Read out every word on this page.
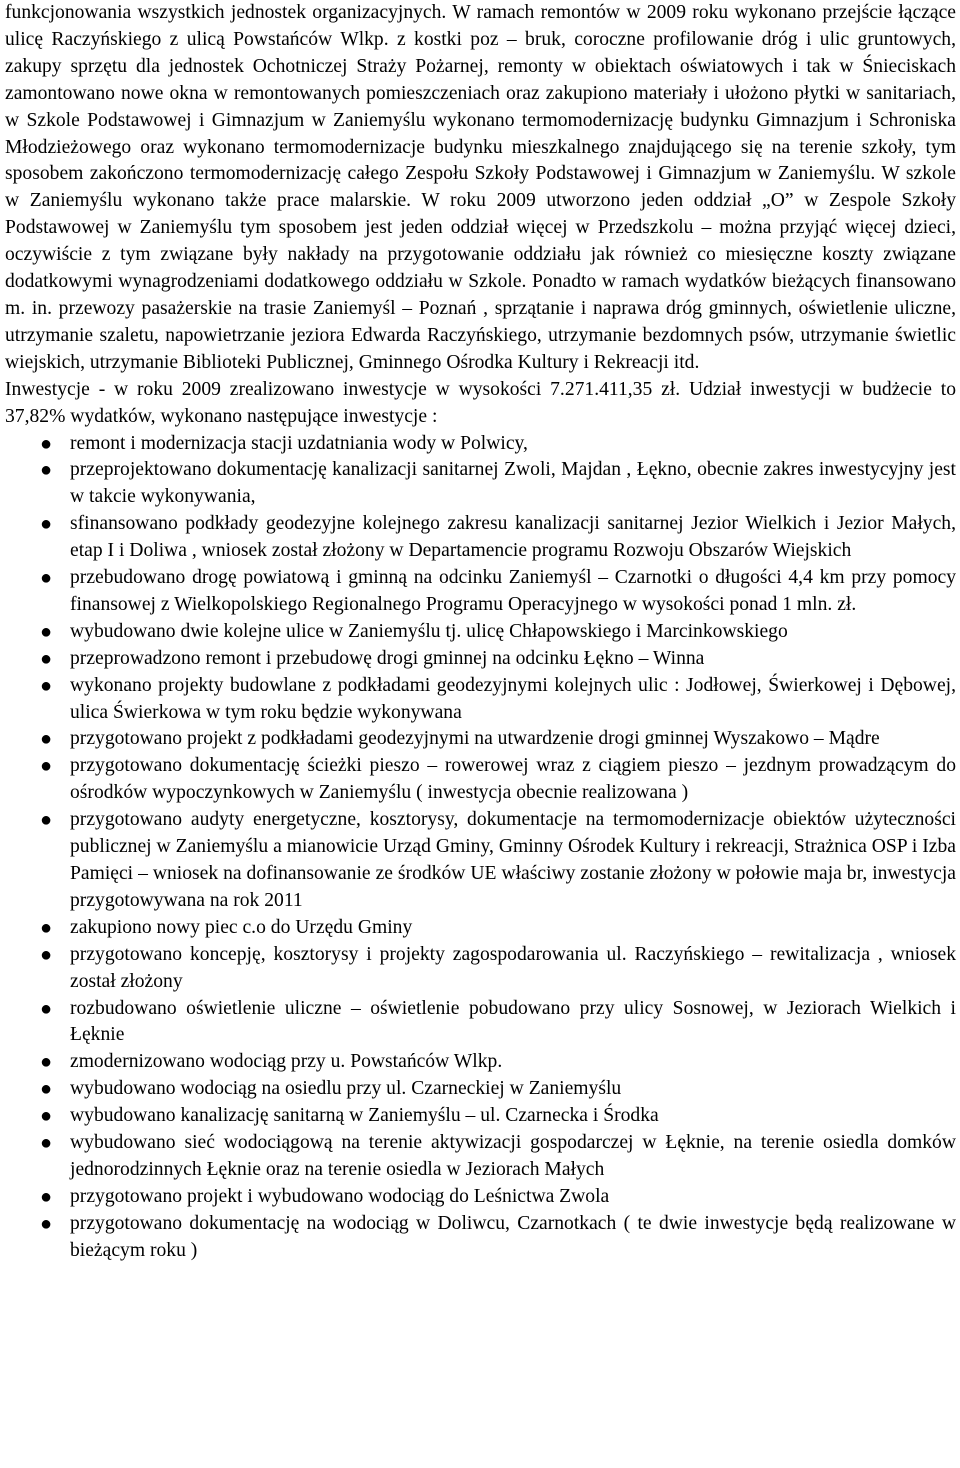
funkcjonowania wszystkich jednostek organizacyjnych. W ramach remontów w 2009 roku wykonano przejście łączące ulicę Raczyńskiego z ulicą Powstańców Wlkp. z kostki poz – bruk, coroczne profilowanie dróg i ulic gruntowych, zakupy sprzętu dla jednostek Ochotniczej Straży Pożarnej, remonty w obiektach oświatowych i tak w Śnieciskach zamontowano nowe okna w remontowanych pomieszczeniach oraz zakupiono materiały i ułożono płytki w sanitariach, w Szkole Podstawowej i Gimnazjum w Zaniemyślu wykonano termomodernizację budynku Gimnazjum i Schroniska Młodzieżowego oraz wykonano termomodernizacje budynku mieszkalnego znajdującego się na terenie szkoły, tym sposobem zakończono termomodernizację całego Zespołu Szkoły Podstawowej i Gimnazjum w Zaniemyślu. W szkole w Zaniemyślu wykonano także prace malarskie. W roku 2009 utworzono jeden oddział „O” w Zespole Szkoły Podstawowej w Zaniemyślu tym sposobem jest jeden oddział więcej w Przedszkolu – można przyjąć więcej dzieci, oczywiście z tym związane były nakłady na przygotowanie oddziału jak również co miesięczne koszty związane dodatkowymi wynagrodzeniami dodatkowego oddziału w Szkole. Ponadto w ramach wydatków bieżących finansowano m. in. przewozy pasażerskie na trasie Zaniemyśl – Poznań , sprzątanie i naprawa dróg gminnych, oświetlenie uliczne, utrzymanie szaletu, napowietrzanie jeziora Edwarda Raczyńskiego, utrzymanie bezdomnych psów, utrzymanie świetlic wiejskich, utrzymanie Biblioteki Publicznej, Gminnego Ośrodka Kultury i Rekreacji itd.

Inwestycje - w roku 2009 zrealizowano inwestycje w wysokości 7.271.411,35 zł. Udział inwestycji w budżecie to 37,82% wydatków, wykonano następujące inwestycje :

● remont i modernizacja stacji uzdatniania wody w Polwicy,
● przeprojektowano dokumentację kanalizacji sanitarnej Zwoli, Majdan , Łękno, obecnie zakres inwestycyjny jest w takcie wykonywania,
● sfinansowano podkłady geodezyjne kolejnego zakresu kanalizacji sanitarnej Jezior Wielkich i Jezior Małych, etap I i Doliwa , wniosek został złożony w Departamencie programu Rozwoju Obszarów Wiejskich
● przebudowano drogę powiatową i gminną na odcinku Zaniemyśl – Czarnotki o długości 4,4 km przy pomocy finansowej z Wielkopolskiego Regionalnego Programu Operacyjnego w wysokości ponad 1 mln. zł.
● wybudowano dwie kolejne ulice w Zaniemyślu tj. ulicę Chłapowskiego i Marcinkowskiego
● przeprowadzono remont i przebudowę drogi gminnej na odcinku Łękno – Winna
● wykonano projekty budowlane z podkładami geodezyjnymi kolejnych ulic : Jodłowej, Świerkowej i Dębowej, ulica Świerkowa w tym roku będzie wykonywana
● przygotowano projekt z podkładami geodezyjnymi na utwardzenie drogi gminnej Wyszakowo – Mądre
● przygotowano dokumentację ścieżki pieszo – rowerowej wraz z ciągiem pieszo – jezdnym prowadzącym do ośrodków wypoczynkowych w Zaniemyślu ( inwestycja obecnie realizowana )
● przygotowano audyty energetyczne, kosztorysy, dokumentacje na termomodernizacje obiektów użyteczności publicznej w Zaniemyślu a mianowicie Urząd Gminy, Gminny Ośrodek Kultury i rekreacji, Strażnica OSP i Izba Pamięci – wniosek na dofinansowanie ze środków UE właściwy zostanie złożony w połowie maja br, inwestycja przygotowywana na rok 2011
● zakupiono nowy piec c.o do Urzędu Gminy
● przygotowano koncepję, kosztorysy i projekty zagospodarowania ul. Raczyńskiego – rewitalizacja , wniosek został złożony
● rozbudowano oświetlenie uliczne – oświetlenie pobudowano przy ulicy Sosnowej, w Jeziorach Wielkich i Łęknie
● zmodernizowano wodociąg przy u. Powstańców Wlkp.
● wybudowano wodociąg na osiedlu przy ul. Czarneckiej w Zaniemyślu
● wybudowano kanalizację sanitarną w Zaniemyślu – ul. Czarnecka i Środka
● wybudowano sieć wodociągową na terenie aktywizacji gospodarczej w Łęknie, na terenie osiedla domków jednorodzinnych Łęknie oraz na terenie osiedla w Jeziorach Małych
● przygotowano projekt i wybudowano wodociąg do Leśnictwa Zwola
● przygotowano dokumentację na wodociąg w Doliwcu, Czarnotkach ( te dwie inwestycje będą realizowane w bieżącym roku )
